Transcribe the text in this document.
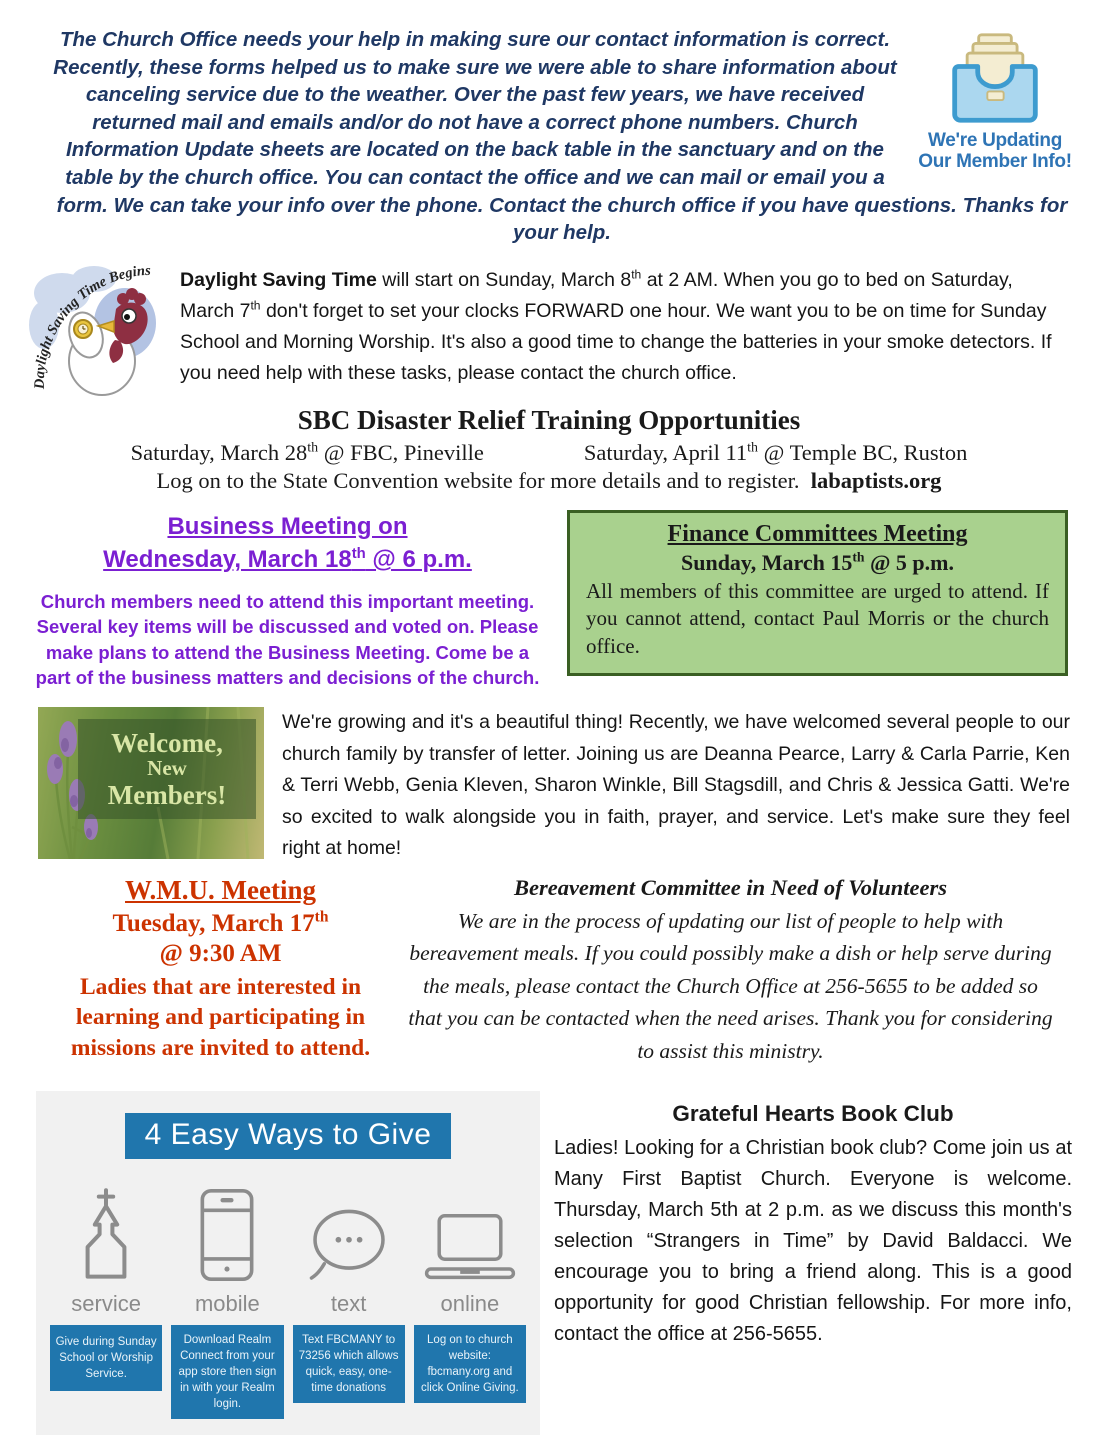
We're Updating Our Member Info!
The Church Office needs your help in making sure our contact information is correct. Recently, these forms helped us to make sure we were able to share information about canceling service due to the weather. Over the past few years, we have received returned mail and emails and/or do not have a correct phone numbers. Church Information Update sheets are located on the back table in the sanctuary and on the table by the church office. You can contact the office and we can mail or email you a form. We can take your info over the phone. Contact the church office if you have questions. Thanks for your help.
Daylight Saving Time Begins Daylight Saving Time will start on Sunday, March 8th at 2 AM. When you go to bed on Saturday, March 7th don't forget to set your clocks FORWARD one hour. We want you to be on time for Sunday School and Morning Worship. It's also a good time to change the batteries in your smoke detectors. If you need help with these tasks, please contact the church office.
SBC Disaster Relief Training Opportunities
Saturday, March 28th @ FBC, Pineville	Saturday, April 11th @ Temple BC, Ruston
Log on to the State Convention website for more details and to register. labaptists.org
Business Meeting on
Wednesday, March 18th @ 6 p.m.
Church members need to attend this important meeting. Several key items will be discussed and voted on. Please make plans to attend the Business Meeting. Come be a part of the business matters and decisions of the church.
Finance Committees Meeting
Sunday, March 15th @ 5 p.m.
All members of this committee are urged to attend. If you cannot attend, contact Paul Morris or the church office.
Welcome,
New
Members!
We're growing and it's a beautiful thing! Recently, we have welcomed several people to our church family by transfer of letter. Joining us are Deanna Pearce, Larry & Carla Parrie, Ken & Terri Webb, Genia Kleven, Sharon Winkle, Bill Stagsdill, and Chris & Jessica Gatti. We're so excited to walk alongside you in faith, prayer, and service. Let's make sure they feel right at home!
W.M.U. Meeting
Tuesday, March 17th
@ 9:30 AM
Ladies that are interested in learning and participating in missions are invited to attend.
Bereavement Committee in Need of Volunteers
We are in the process of updating our list of people to help with bereavement meals. If you could possibly make a dish or help serve during the meals, please contact the Church Office at 256-5655 to be added so that you can be contacted when the need arises. Thank you for considering to assist this ministry.
4 Easy Ways to Give
service
Give during Sunday School or Worship Service.
mobile
Download Realm Connect from your app store then sign in with your Realm login.
text
Text FBCMANY to 73256 which allows quick, easy, one-time donations
online
Log on to church website: fbcmany.org and click Online Giving.
Grateful Hearts Book Club
Ladies! Looking for a Christian book club? Come join us at Many First Baptist Church. Everyone is welcome. Thursday, March 5th at 2 p.m. as we discuss this month's selection “Strangers in Time” by David Baldacci. We encourage you to bring a friend along. This is a good opportunity for good Christian fellowship. For more info, contact the office at 256-5655.
